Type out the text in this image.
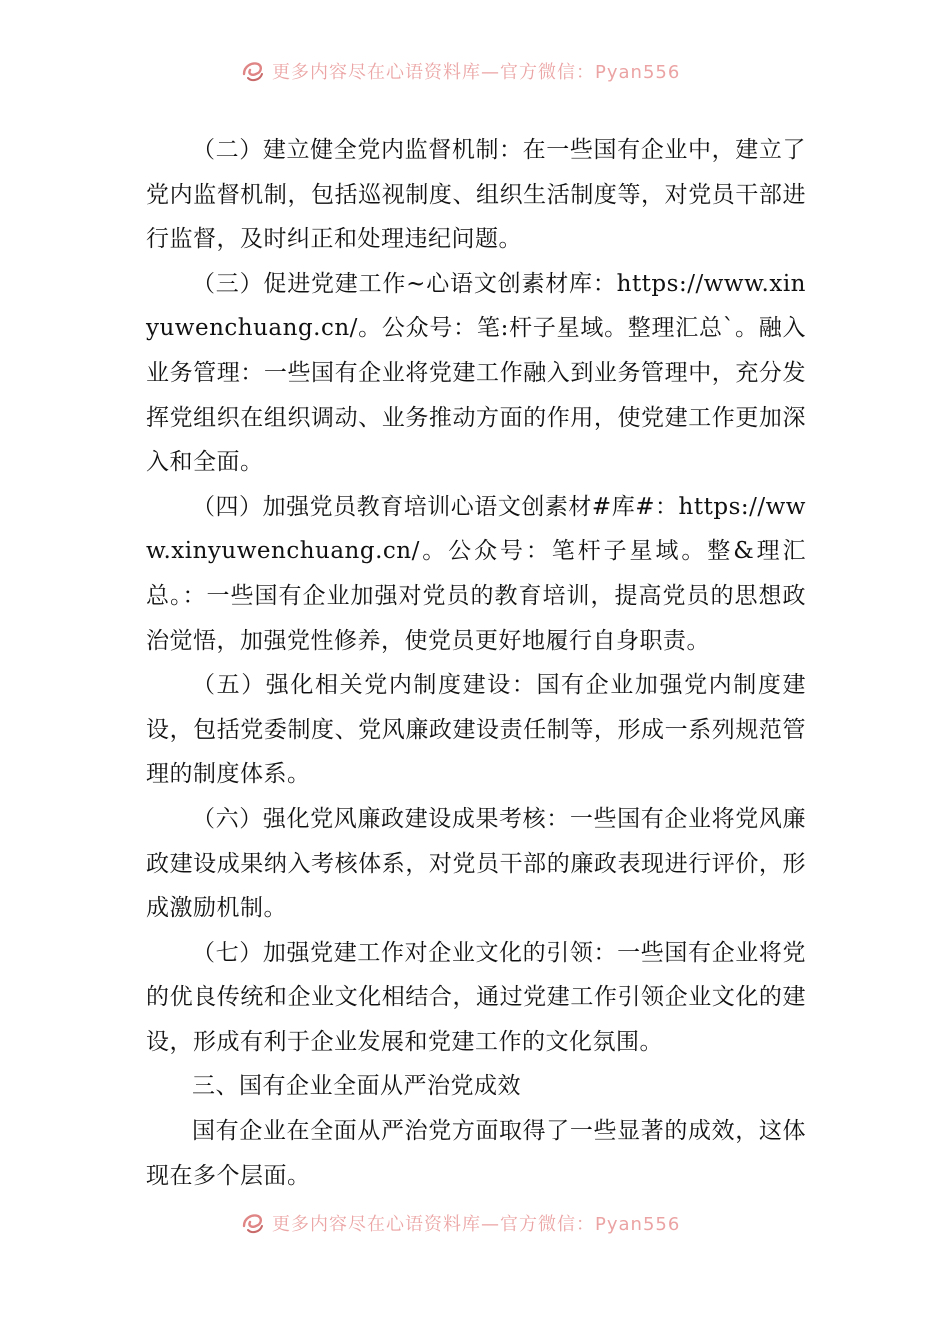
更多内容尽在心语资料库—官方微信：Pyan556

（二）建立健全党内监督机制：在一些国有企业中，建立了党内监督机制，包括巡视制度、组织生活制度等，对党员干部进行监督，及时纠正和处理违纪问题。

（三）促进党建工作~心语文创素材库：https://www.xinyuwenchuang.cn/。公众号：笔:杆子星域。整理汇总`。融入业务管理：一些国有企业将党建工作融入到业务管理中，充分发挥党组织在组织调动、业务推动方面的作用，使党建工作更加深入和全面。

（四）加强党员教育培训心语文创素材#库#：https://www.xinyuwenchuang.cn/。公众号：笔杆子星域。整&理汇总。：一些国有企业加强对党员的教育培训，提高党员的思想政治觉悟，加强党性修养，使党员更好地履行自身职责。

（五）强化相关党内制度建设：国有企业加强党内制度建设，包括党委制度、党风廉政建设责任制等，形成一系列规范管理的制度体系。

（六）强化党风廉政建设成果考核：一些国有企业将党风廉政建设成果纳入考核体系，对党员干部的廉政表现进行评价，形成激励机制。

（七）加强党建工作对企业文化的引领：一些国有企业将党的优良传统和企业文化相结合，通过党建工作引领企业文化的建设，形成有利于企业发展和党建工作的文化氛围。

三、国有企业全面从严治党成效

国有企业在全面从严治党方面取得了一些显著的成效，这体现在多个层面。

更多内容尽在心语资料库—官方微信：Pyan556
